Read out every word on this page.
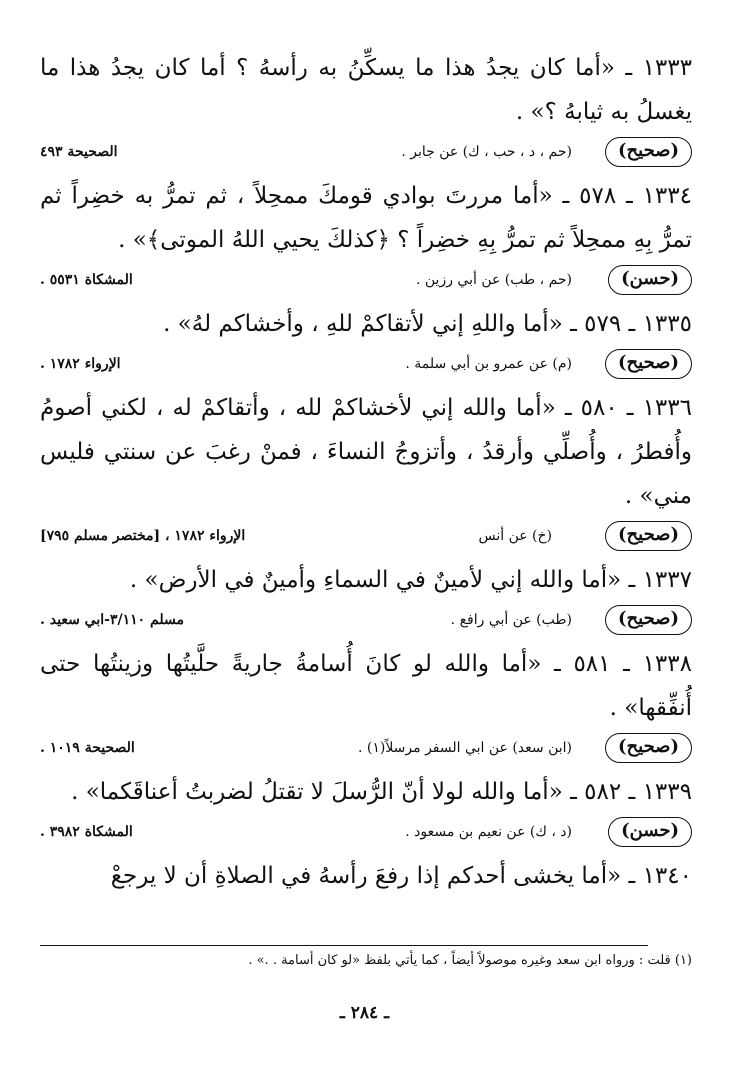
١٣٣٣ ـ «أما كان يجدُ هذا ما يسكِّنُ به رأسهُ ؟ أما كان يجدُ هذا ما يغسلُ به ثيابهُ ؟» .

(صحيح)
(حم ، د ، حب ، ك) عن جابر .
الصحيحة ٤٩٣

١٣٣٤ ـ ٥٧٨ ـ «أما مررتَ بوادي قومكَ ممحِلاً ، ثم تمرُّ به خضِراً ثم تمرُّ بِهِ ممحِلاً ثم تمرُّ بِهِ خضِراً ؟ ﴿كذلكَ يحيي اللهُ الموتى﴾» .

(حسن)
(حم ، طب) عن أبي رزين .
المشكاة ٥٥٣١ .

١٣٣٥ ـ ٥٧٩ ـ «أما واللهِ إني لأتقاكمْ للهِ ، وأخشاكم لهُ» .

(صحيح)
(م) عن عمرو بن أبي سلمة .
الإرواء ١٧٨٢ .

١٣٣٦ ـ ٥٨٠ ـ «أما والله إني لأخشاكمْ لله ، وأتقاكمْ له ، لكني أصومُ وأُفطرُ ، وأُصلِّي وأرقدُ ، وأتزوجُ النساءَ ، فمنْ رغبَ عن سنتي فليس مني» .

(صحيح)
(خ) عن أنس
الإرواء ١٧٨٢ ، [مختصر مسلم ٧٩٥]

١٣٣٧ ـ «أما والله إني لأمينٌ في السماءِ وأمينٌ في الأرض» .

(صحيح)
(طب) عن أبي رافع .
مسلم ٣/١١٠-ابي سعيد .

١٣٣٨ ـ ٥٨١ ـ «أما والله لو كانَ أُسامةُ جاريةً حلَّيتُها وزينتُها حتى أُنفِّقها» .

(صحيح)
(ابن سعد) عن ابي السفر مرسلاً(١) .
الصحيحة ١٠١٩ .

١٣٣٩ ـ ٥٨٢ ـ «أما والله لولا أنّ الرُّسلَ لا تقتلُ لضربتُ أعناقَكما» .

(حسن)
(د ، ك) عن نعيم بن مسعود .
المشكاة ٣٩٨٢ .

١٣٤٠ ـ «أما يخشى أحدكم إذا رفعَ رأسهُ في الصلاةِ أن لا يرجعْ

(١) قلت : ورواه ابن سعد وغيره موصولاً أيضاً ، كما يأتي بلفظ «لو كان أسامة . .» .
ـ ٢٨٤ ـ
